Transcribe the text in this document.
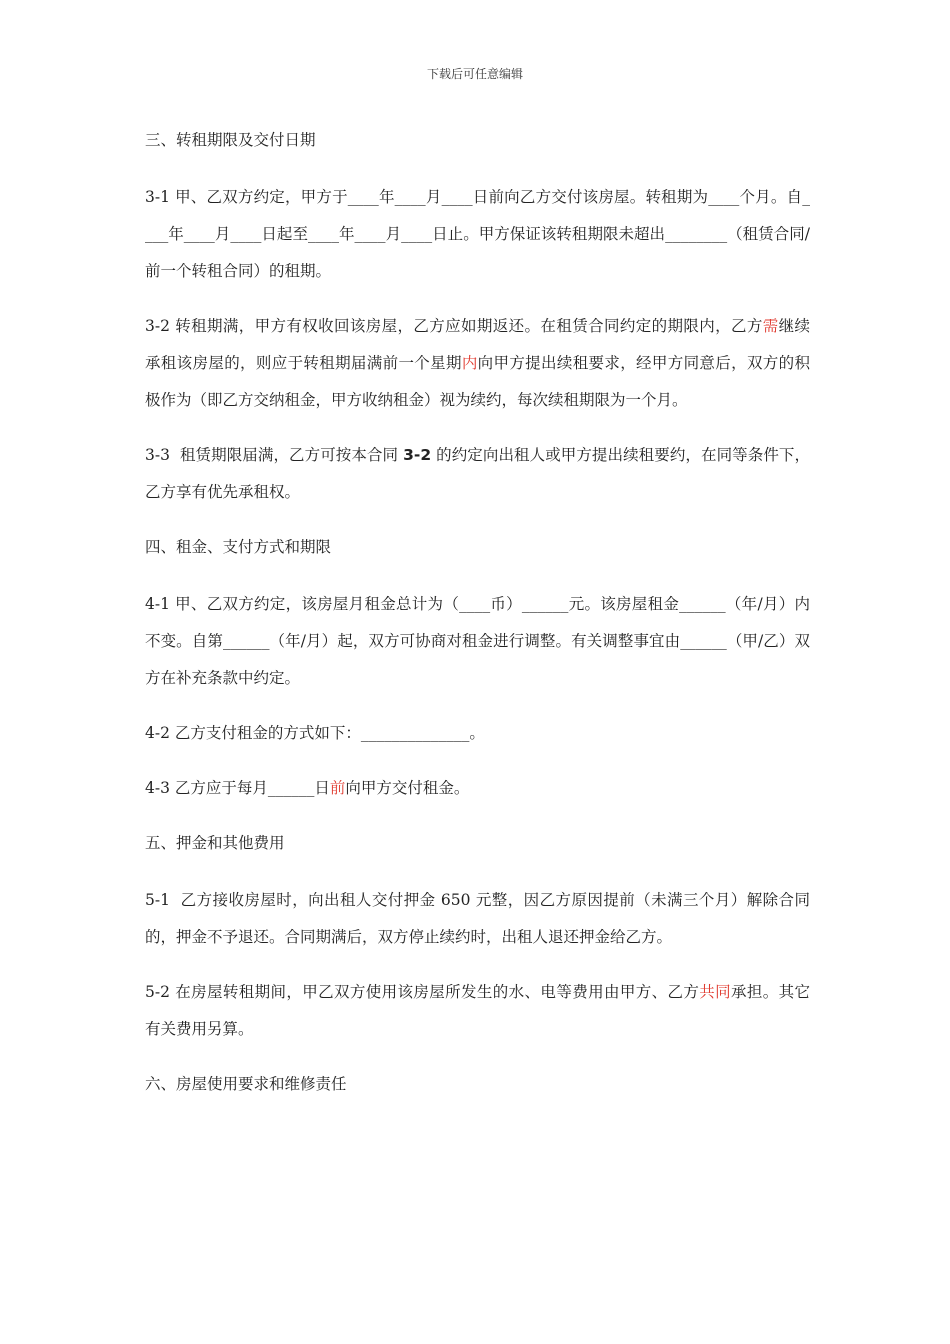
下载后可任意编辑

三、转租期限及交付日期

3-1 甲、乙双方约定，甲方于____年____月____日前向乙方交付该房屋。转租期为____个月。自____年____月____日起至____年____月____日止。甲方保证该转租期限未超出________（租赁合同/前一个转租合同）的租期。

3-2 转租期满，甲方有权收回该房屋，乙方应如期返还。在租赁合同约定的期限内，乙方需继续承租该房屋的，则应于转租期届满前一个星期内向甲方提出续租要求，经甲方同意后，双方的积极作为（即乙方交纳租金，甲方收纳租金）视为续约，每次续租期限为一个月。

3-3  租赁期限届满，乙方可按本合同 3-2 的约定向出租人或甲方提出续租要约，在同等条件下，乙方享有优先承租权。

四、租金、支付方式和期限

4-1 甲、乙双方约定，该房屋月租金总计为（____币）______元。该房屋租金______（年/月）内不变。自第______（年/月）起，双方可协商对租金进行调整。有关调整事宜由______（甲/乙）双方在补充条款中约定。

4-2 乙方支付租金的方式如下：______________。

4-3 乙方应于每月______日前向甲方交付租金。

五、押金和其他费用

5-1  乙方接收房屋时，向出租人交付押金 650 元整，因乙方原因提前（未满三个月）解除合同的，押金不予退还。合同期满后，双方停止续约时，出租人退还押金给乙方。

5-2 在房屋转租期间，甲乙双方使用该房屋所发生的水、电等费用由甲方、乙方共同承担。其它有关费用另算。

六、房屋使用要求和维修责任
